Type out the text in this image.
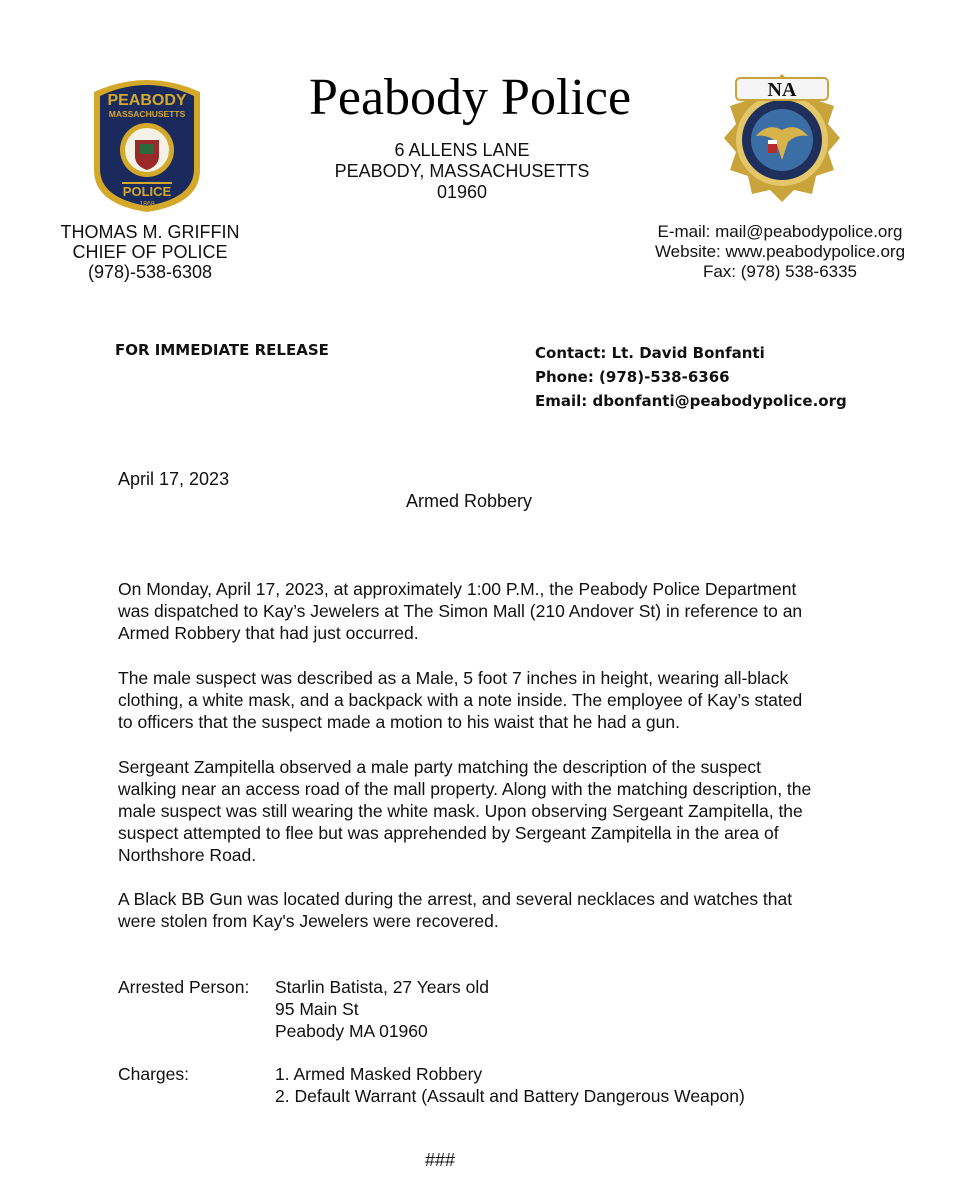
PEABODY
MASSACHUSETTS
POLICE
1868
Peabody Police
6 ALLENS LANE
PEABODY, MASSACHUSETTS
01960
NA
THOMAS M. GRIFFIN
CHIEF OF POLICE
(978)-538-6308
E-mail: mail@peabodypolice.org
Website: www.peabodypolice.org
Fax: (978) 538-6335
FOR IMMEDIATE RELEASE	Contact: Lt. David Bonfanti
Phone: (978)-538-6366
Email: dbonfanti@peabodypolice.org
April 17, 2023
Armed Robbery

On Monday, April 17, 2023, at approximately 1:00 P.M., the Peabody Police Department

was dispatched to Kay’s Jewelers at The Simon Mall (210 Andover St) in reference to an

Armed Robbery that had just occurred.

The male suspect was described as a Male, 5 foot 7 inches in height, wearing all-black

clothing, a white mask, and a backpack with a note inside. The employee of Kay’s stated

to officers that the suspect made a motion to his waist that he had a gun.

Sergeant Zampitella observed a male party matching the description of the suspect

walking near an access road of the mall property. Along with the matching description, the

male suspect was still wearing the white mask. Upon observing Sergeant Zampitella, the

suspect attempted to flee but was apprehended by Sergeant Zampitella in the area of

Northshore Road.

A Black BB Gun was located during the arrest, and several necklaces and watches that

were stolen from Kay's Jewelers were recovered.

Arrested Person: Starlin Batista, 27 Years old
95 Main St
Peabody MA 01960
Charges:	1. Armed Masked Robbery
2. Default Warrant (Assault and Battery Dangerous Weapon)
###
